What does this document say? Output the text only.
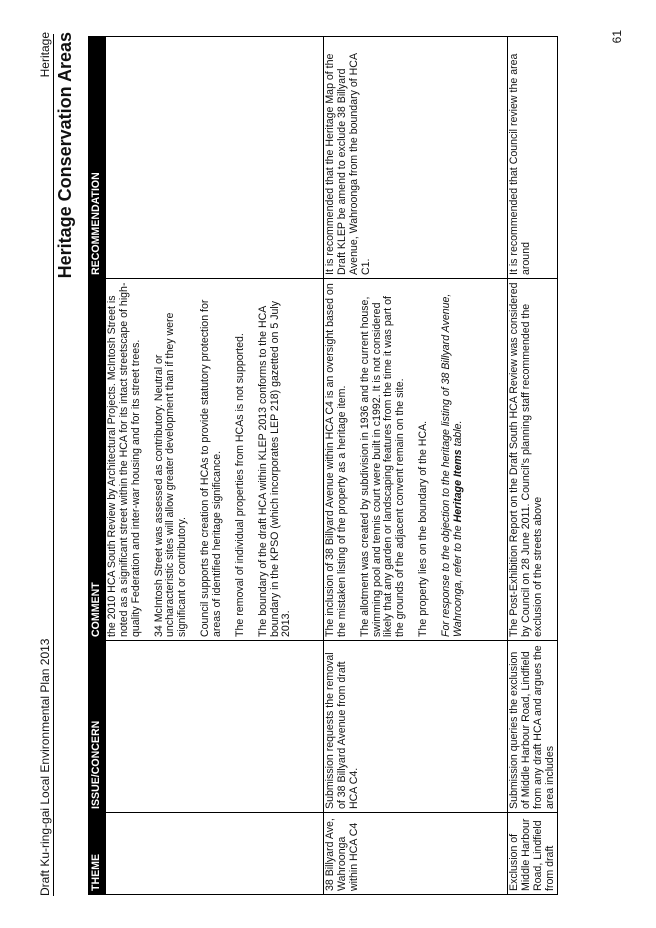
Draft Ku-ring-gai Local Environmental Plan 2013
Heritage Heritage Conservation Areas
THEME	ISSUE/CONCERN	COMMENT	RECOMMENDATION

		the 2010 HCA South Review by Architectural Projects. McIntosh Street is noted as a significant street within the HCA for its intact streetscape of high-quality Federation and inter-war housing and for its street trees. 34 McIntosh Street was assessed as contributory. Neutral or uncharacteristic sites will allow greater development than if they were significant or contributory. Council supports the creation of HCAs to provide statutory protection for areas of identified heritage significance. The removal of individual properties from HCAs is not supported. The boundary of the draft HCA within KLEP 2013 conforms to the HCA boundary in the KPSO (which incorporates LEP 218) gazetted on 5 July 2013.	

38 Billyard Ave, Wahroonga within HCA C4	Submission requests the removal of 38 Billyard Avenue from draft HCA C4.	The inclusion of 38 Billyard Avenue within HCA C4 is an oversight based on the mistaken listing of the property as a heritage item. The allotment was created by subdivision in 1936 and the current house, swimming pool and tennis court were built in c1992. It is not considered likely that any garden or landscaping features from the time it was part of the grounds of the adjacent convent remain on the site. The property lies on the boundary of the HCA. For response to the objection to the heritage listing of 38 Billyard Avenue, Wahroonga, refer to the Heritage Items table.	It is recommended that the Heritage Map of the Draft KLEP be amend to exclude 38 Billyard Avenue, Wahroonga from the boundary of HCA C1.
Exclusion of Middle Harbour Road, Lindfield from draft	Submission queries the exclusion of Middle Harbour Road, Lindfield from any draft HCA and argues the area includes	The Post-Exhibition Report on the Draft South HCA Review was considered by Council on 28 June 2011. Council's planning staff recommended the exclusion of the streets above	It is recommended that Council review the area around
61
